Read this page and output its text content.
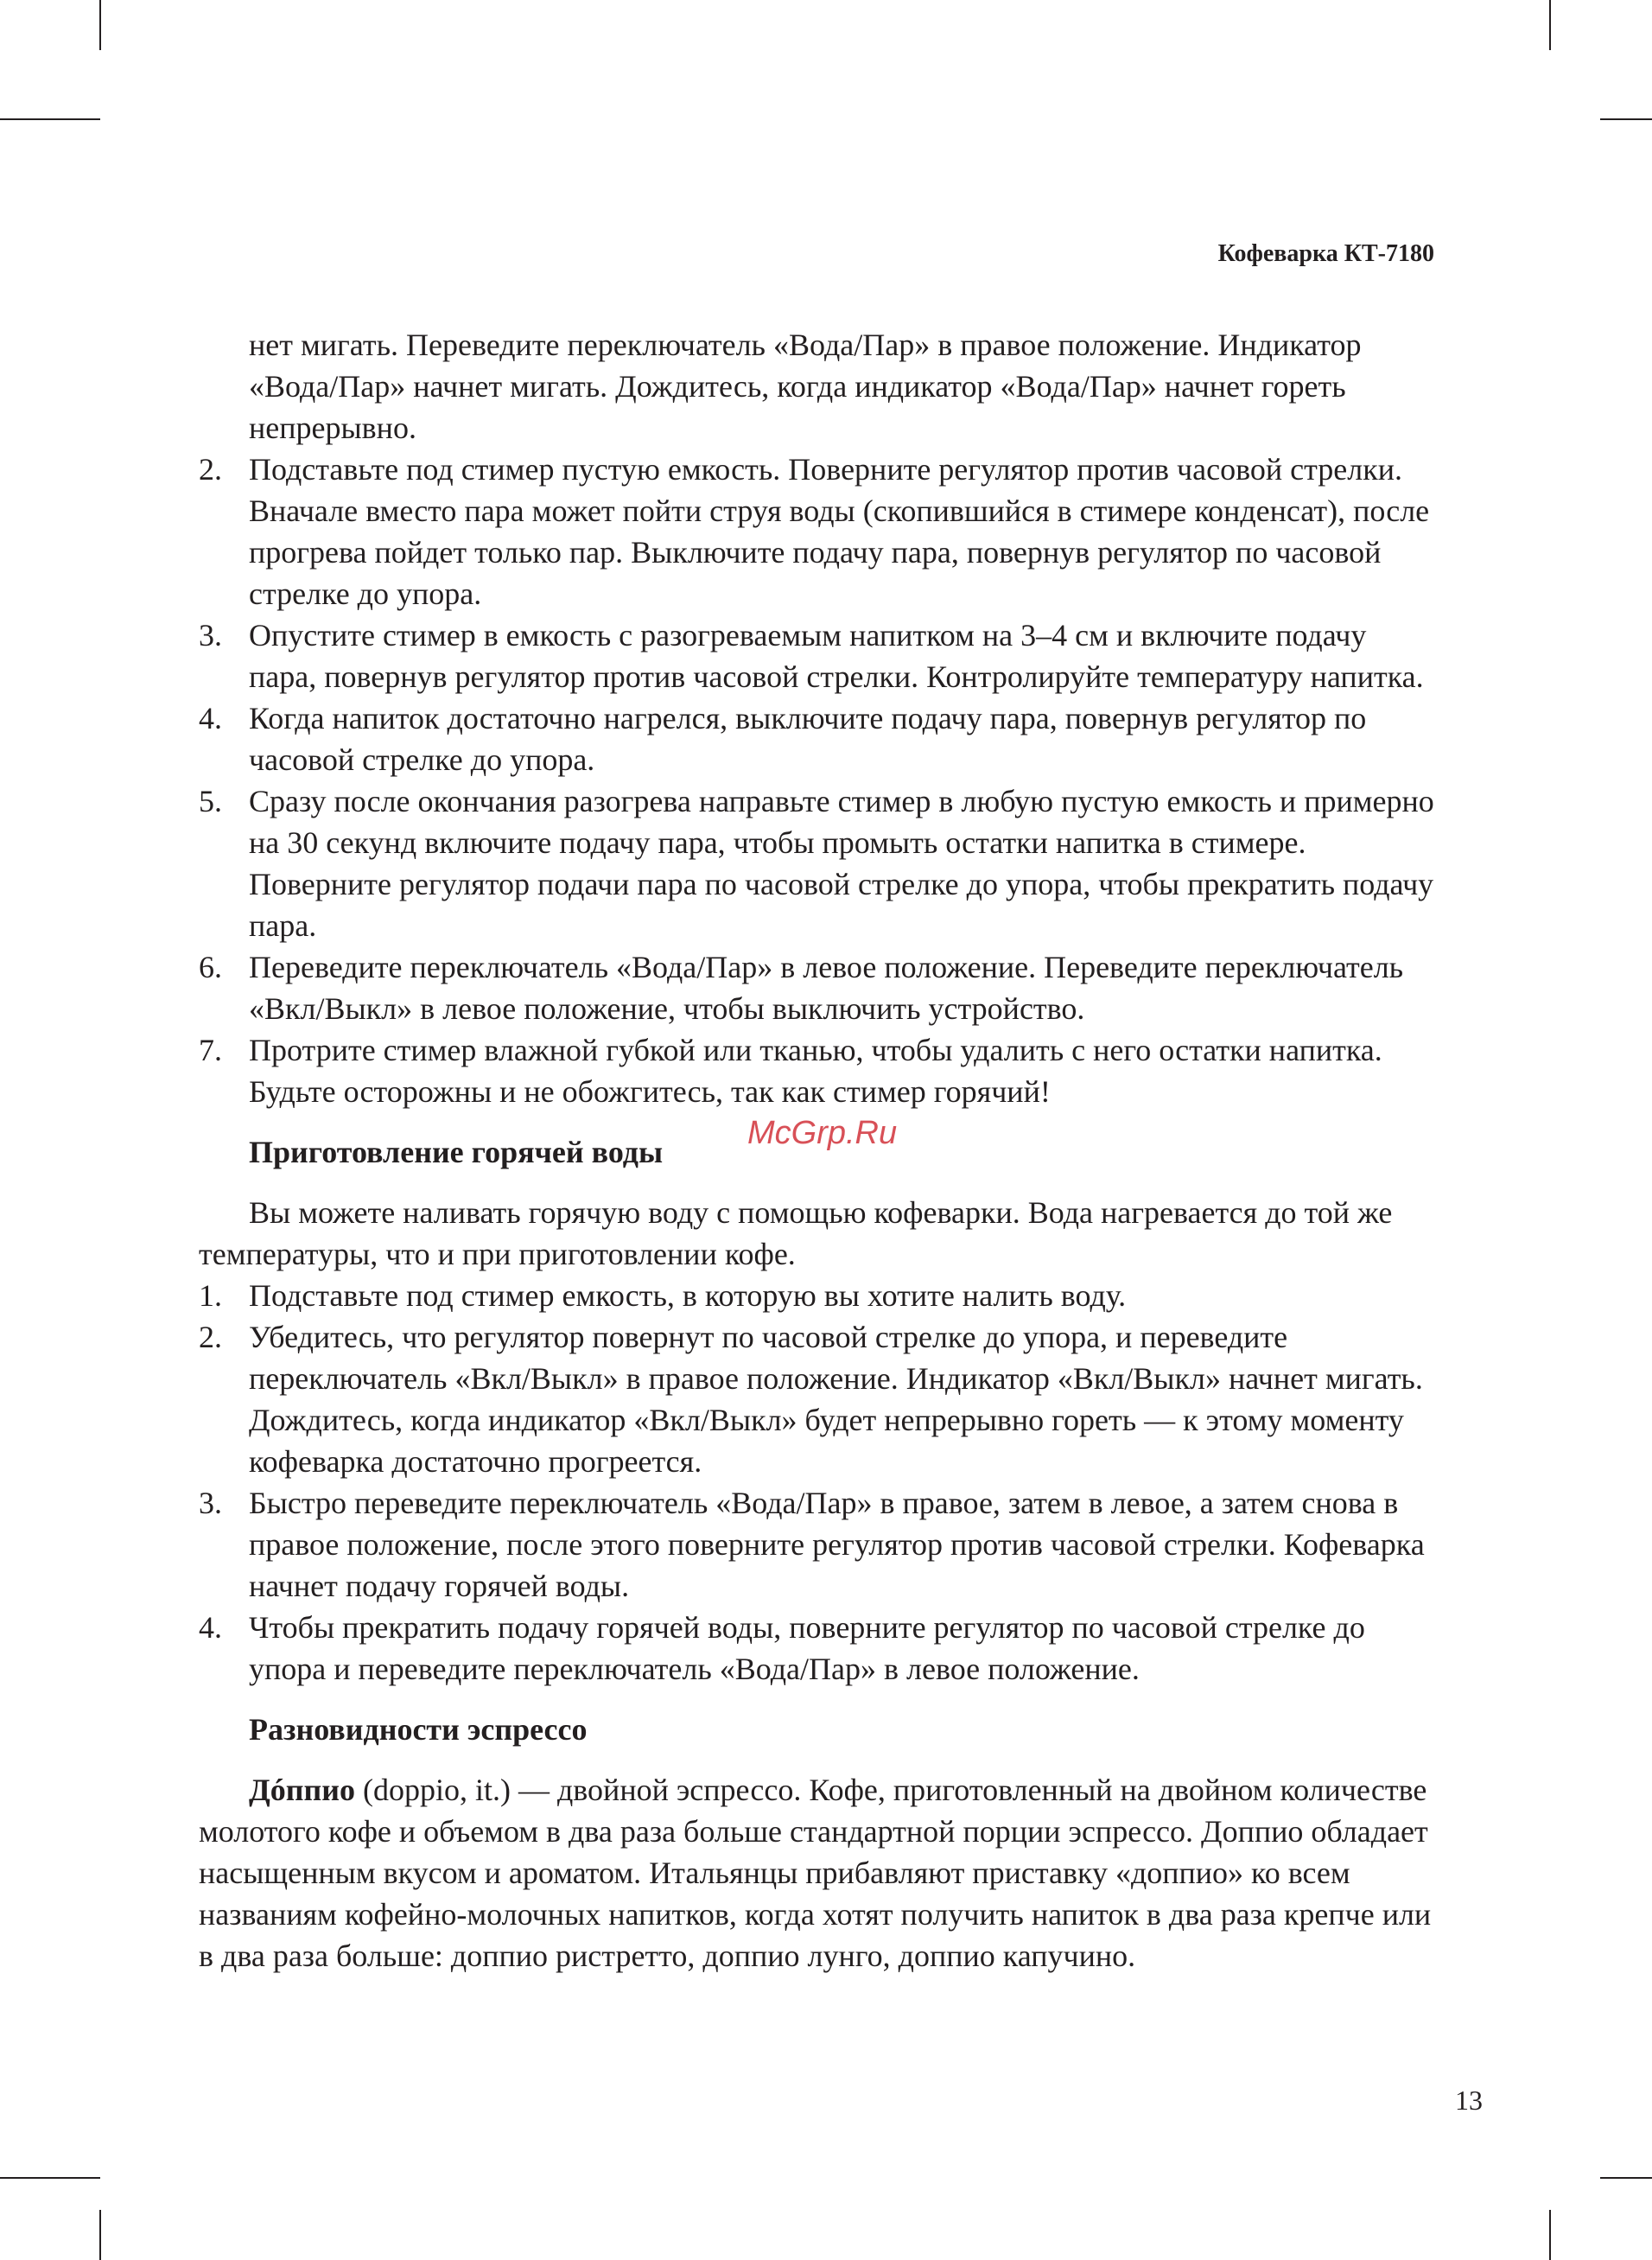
Кофеварка КТ-7180
нет мигать. Переведите переключатель «Вода/Пар» в правое положение. Индикатор «Вода/Пар» начнет мигать. Дождитесь, когда индикатор «Вода/Пар» начнет гореть непрерывно.
2. Подставьте под стимер пустую емкость. Поверните регулятор против часовой стрелки. Вначале вместо пара может пойти струя воды (скопившийся в стимере конденсат), после прогрева пойдет только пар. Выключите подачу пара, повернув регулятор по часовой стрелке до упора.
3. Опустите стимер в емкость с разогреваемым напитком на 3–4 см и включите подачу пара, повернув регулятор против часовой стрелки. Контролируйте температуру напитка.
4. Когда напиток достаточно нагрелся, выключите подачу пара, повернув регулятор по часовой стрелке до упора.
5. Сразу после окончания разогрева направьте стимер в любую пустую емкость и примерно на 30 секунд включите подачу пара, чтобы промыть остатки напитка в стимере. Поверните регулятор подачи пара по часовой стрелке до упора, чтобы прекратить подачу пара.
6. Переведите переключатель «Вода/Пар» в левое положение. Переведите переключатель «Вкл/Выкл» в левое положение, чтобы выключить устройство.
7. Протрите стимер влажной губкой или тканью, чтобы удалить с него остатки напитка. Будьте осторожны и не обожгитесь, так как стимер горячий!
Приготовление горячей воды
Вы можете наливать горячую воду с помощью кофеварки. Вода нагревается до той же температуры, что и при приготовлении кофе.
1. Подставьте под стимер емкость, в которую вы хотите налить воду.
2. Убедитесь, что регулятор повернут по часовой стрелке до упора, и переведите переключатель «Вкл/Выкл» в правое положение. Индикатор «Вкл/Выкл» начнет мигать. Дождитесь, когда индикатор «Вкл/Выкл» будет непрерывно гореть — к этому моменту кофеварка достаточно прогреется.
3. Быстро переведите переключатель «Вода/Пар» в правое, затем в левое, а затем снова в правое положение, после этого поверните регулятор против часовой стрелки. Кофеварка начнет подачу горячей воды.
4. Чтобы прекратить подачу горячей воды, поверните регулятор по часовой стрелке до упора и переведите переключатель «Вода/Пар» в левое положение.
Разновидности эспрессо
Дóппио (doppio, it.) — двойной эспрессо. Кофе, приготовленный на двойном количестве молотого кофе и объемом в два раза больше стандартной порции эспрессо. Доппио обладает насыщенным вкусом и ароматом. Итальянцы прибавляют приставку «доппио» ко всем названиям кофейно-молочных напитков, когда хотят получить напиток в два раза крепче или в два раза больше: доппио ристретто, доппио лунго, доппио капучино.
McGrp.Ru
13
